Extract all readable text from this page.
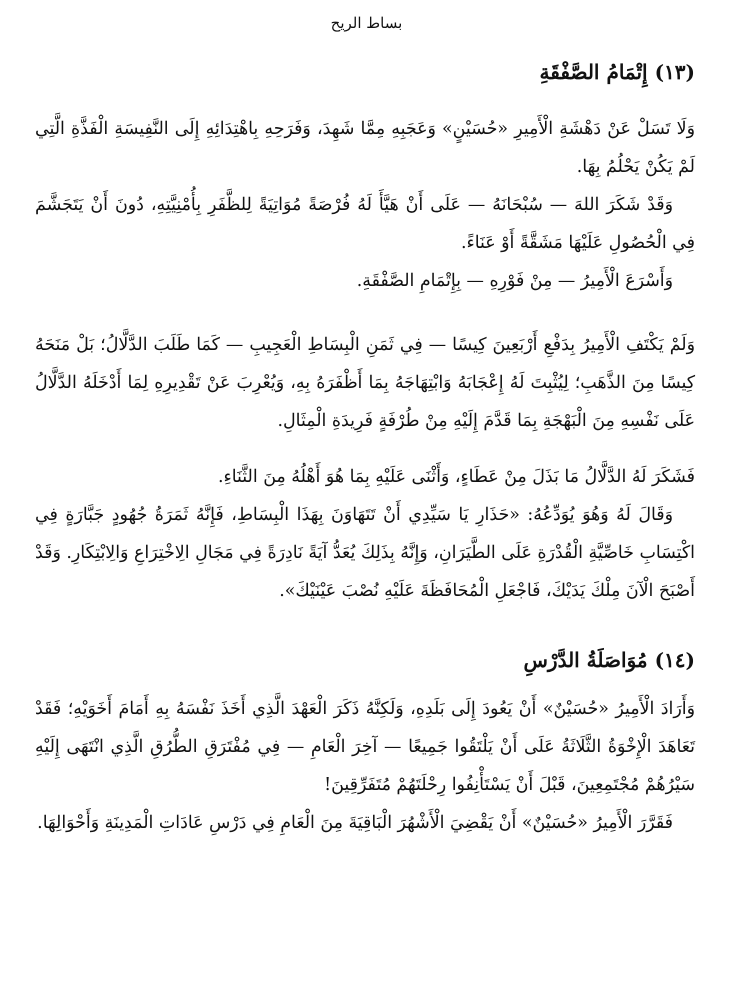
بساط الريح
(١٣) إِتْمَامُ الصَّفْقَةِ
وَلَا تَسَلْ عَنْ دَهْشَةِ الْأَمِيرِ «حُسَيْنٍ» وَعَجَبِهِ مِمَّا شَهِدَ، وَفَرَحِهِ بِاهْتِدَائِهِ إِلَى النَّفِيسَةِ الْفَذَّةِ الَّتِي لَمْ يَكُنْ يَحْلُمُ بِهَا.
وَقَدْ شَكَرَ اللهَ — سُبْحَانَهُ — عَلَى أَنْ هَيَّأَ لَهُ فُرْصَةً مُوَاتِيَةً لِلظَّفَرِ بِأُمْنِيَّتِهِ، دُونَ أَنْ يَتَجَشَّمَ فِي الْحُصُولِ عَلَيْهَا مَشَقَّةً أَوْ عَنَاءً.
وَأَسْرَعَ الْأَمِيرُ — مِنْ فَوْرِهِ — بِإِتْمَامِ الصَّفْقَةِ.
وَلَمْ يَكْتَفِ الْأَمِيرُ بِدَفْعِ أَرْبَعِينَ كِيسًا — فِي ثَمَنِ الْبِسَاطِ الْعَجِيبِ — كَمَا طَلَبَ الدَّلَّالُ؛ بَلْ مَنَحَهُ كِيسًا مِنَ الذَّهَبِ؛ لِيُثْبِتَ لَهُ إِعْجَابَهُ وَابْتِهَاجَهُ بِمَا أَظْفَرَهُ بِهِ، وَيُعْرِبَ عَنْ تَقْدِيرِهِ لِمَا أَدْخَلَهُ الدَّلَّالُ عَلَى نَفْسِهِ مِنَ الْبَهْجَةِ بِمَا قَدَّمَ إِلَيْهِ مِنْ طُرْفَةٍ فَرِيدَةِ الْمِثَالِ.
فَشَكَرَ لَهُ الدَّلَّالُ مَا بَذَلَ مِنْ عَطَاءٍ، وَأَثْنَى عَلَيْهِ بِمَا هُوَ أَهْلُهُ مِنَ الثَّنَاءِ.
وَقَالَ لَهُ وَهُوَ يُوَدِّعُهُ: «حَذَارِ يَا سَيِّدِي أَنْ تَتَهَاوَنَ بِهَذَا الْبِسَاطِ، فَإِنَّهُ ثَمَرَةُ جُهُودٍ جَبَّارَةٍ فِي اكْتِسَابِ خَاصِّيَّةِ الْقُدْرَةِ عَلَى الطَّيَرَانِ، وَإِنَّهُ بِذَلِكَ يُعَدُّ آيَةً نَادِرَةً فِي مَجَالِ الِاخْتِرَاعِ وَالِابْتِكَارِ. وَقَدْ أَصْبَحَ الْآنَ مِلْكَ يَدَيْكَ، فَاجْعَلِ الْمُحَافَظَةَ عَلَيْهِ نُصْبَ عَيْنَيْكَ».
(١٤) مُوَاصَلَةُ الدَّرْسِ
وَأَرَادَ الْأَمِيرُ «حُسَيْنٌ» أَنْ يَعُودَ إِلَى بَلَدِهِ، وَلَكِنَّهُ ذَكَرَ الْعَهْدَ الَّذِي أَخَذَ نَفْسَهُ بِهِ أَمَامَ أَخَوَيْهِ؛ فَقَدْ تَعَاهَدَ الْإِخْوَةُ الثَّلَاثَةُ عَلَى أَنْ يَلْتَقُوا جَمِيعًا — آخِرَ الْعَامِ — فِي مُفْتَرَقِ الطُّرُقِ الَّذِي انْتَهَى إِلَيْهِ سَيْرُهُمْ مُجْتَمِعِينَ، قَبْلَ أَنْ يَسْتَأْنِفُوا رِحْلَتَهُمْ مُتَفَرِّقِينَ!
فَقَرَّرَ الْأَمِيرُ «حُسَيْنٌ» أَنْ يَقْضِيَ الْأَشْهُرَ الْبَاقِيَةَ مِنَ الْعَامِ فِي دَرْسِ عَادَاتِ الْمَدِينَةِ وَأَحْوَالِهَا.
